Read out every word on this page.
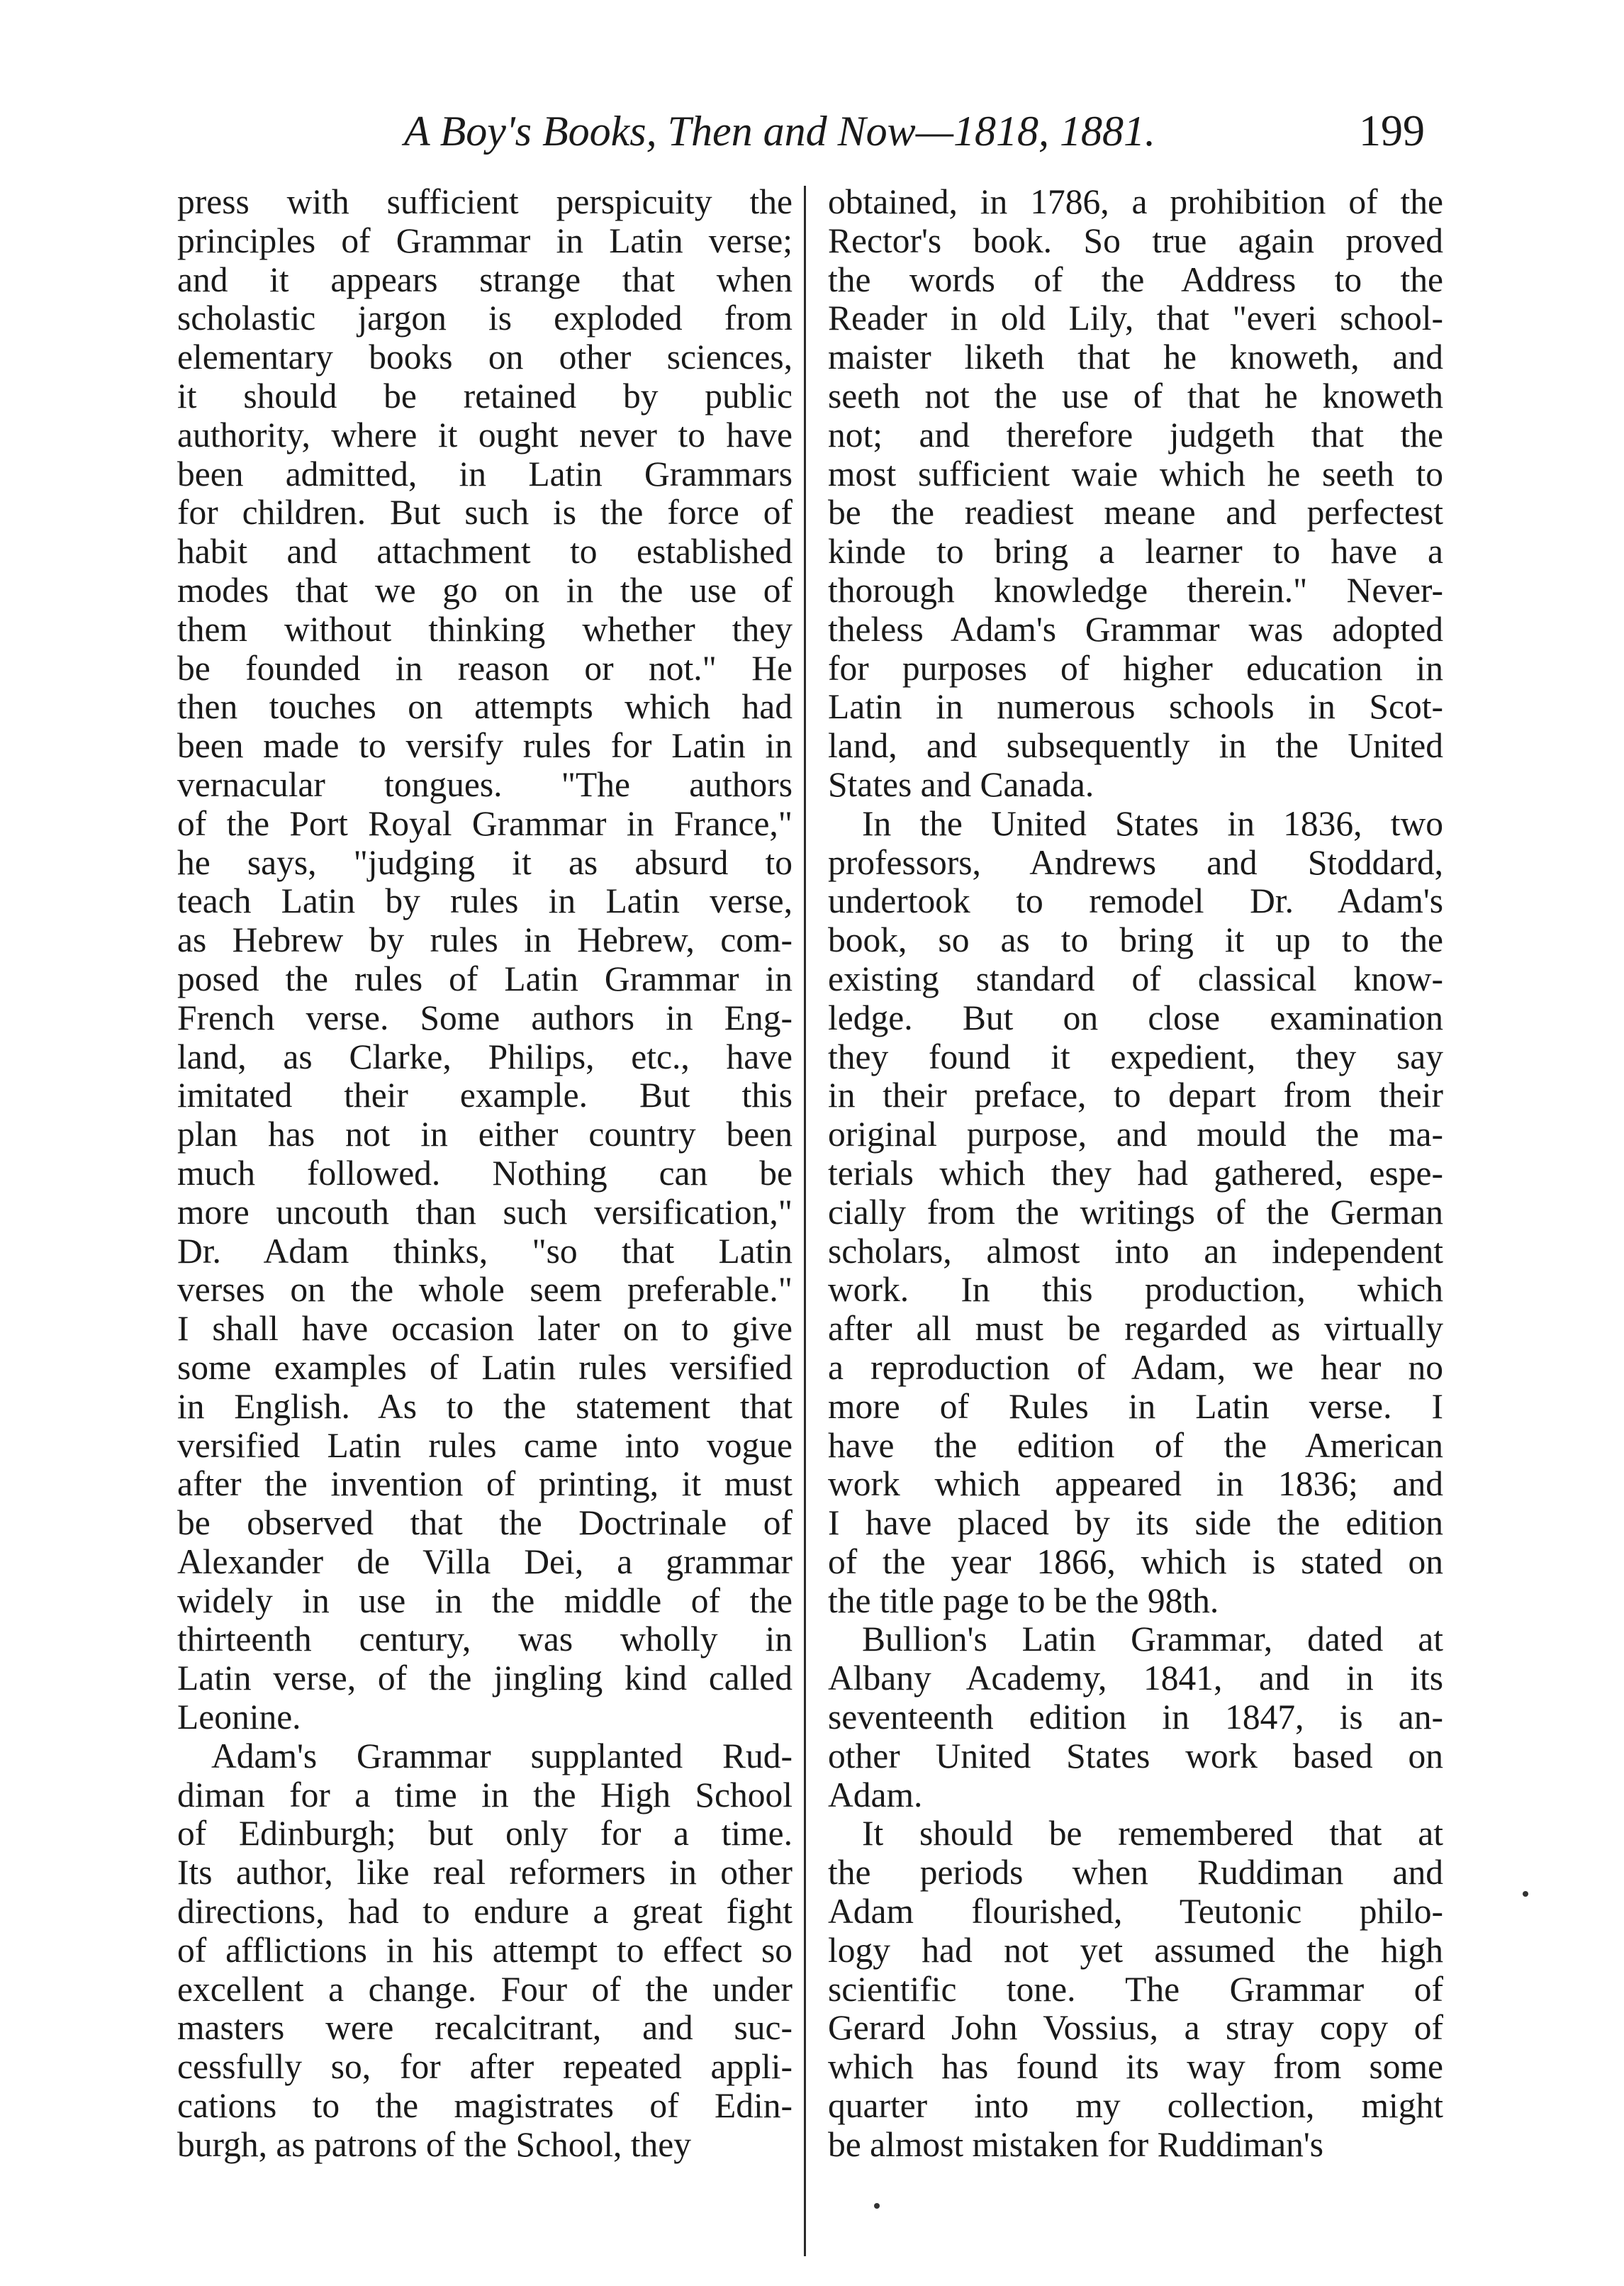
A Boy's Books, Then and Now—1818, 1881.	199
press with sufficient perspicuity the
principles of Grammar in Latin verse;
and it appears strange that when
scholastic jargon is exploded from
elementary books on other sciences,
it should be retained by public
authority, where it ought never to have
been admitted, in Latin Grammars
for children. But such is the force of
habit and attachment to established
modes that we go on in the use of
them without thinking whether they
be founded in reason or not." He
then touches on attempts which had
been made to versify rules for Latin in
vernacular tongues. "The authors
of the Port Royal Grammar in France,"
he says, "judging it as absurd to
teach Latin by rules in Latin verse,
as Hebrew by rules in Hebrew, com-
posed the rules of Latin Grammar in
French verse. Some authors in Eng-
land, as Clarke, Philips, etc., have
imitated their example. But this
plan has not in either country been
much followed. Nothing can be
more uncouth than such versification,"
Dr. Adam thinks, "so that Latin
verses on the whole seem preferable."
I shall have occasion later on to give
some examples of Latin rules versified
in English. As to the statement that
versified Latin rules came into vogue
after the invention of printing, it must
be observed that the Doctrinale of
Alexander de Villa Dei, a grammar
widely in use in the middle of the
thirteenth century, was wholly in
Latin verse, of the jingling kind called
Leonine.
Adam's Grammar supplanted Rud-
diman for a time in the High School
of Edinburgh; but only for a time.
Its author, like real reformers in other
directions, had to endure a great fight
of afflictions in his attempt to effect so
excellent a change. Four of the under
masters were recalcitrant, and suc-
cessfully so, for after repeated appli-
cations to the magistrates of Edin-
burgh, as patrons of the School, they
obtained, in 1786, a prohibition of the
Rector's book. So true again proved
the words of the Address to the
Reader in old Lily, that "everi school-
maister liketh that he knoweth, and
seeth not the use of that he knoweth
not; and therefore judgeth that the
most sufficient waie which he seeth to
be the readiest meane and perfectest
kinde to bring a learner to have a
thorough knowledge therein." Never-
theless Adam's Grammar was adopted
for purposes of higher education in
Latin in numerous schools in Scot-
land, and subsequently in the United
States and Canada.
In the United States in 1836, two
professors, Andrews and Stoddard,
undertook to remodel Dr. Adam's
book, so as to bring it up to the
existing standard of classical know-
ledge. But on close examination
they found it expedient, they say
in their preface, to depart from their
original purpose, and mould the ma-
terials which they had gathered, espe-
cially from the writings of the German
scholars, almost into an independent
work. In this production, which
after all must be regarded as virtually
a reproduction of Adam, we hear no
more of Rules in Latin verse. I
have the edition of the American
work which appeared in 1836; and
I have placed by its side the edition
of the year 1866, which is stated on
the title page to be the 98th.
Bullion's Latin Grammar, dated at
Albany Academy, 1841, and in its
seventeenth edition in 1847, is an-
other United States work based on
Adam.
It should be remembered that at
the periods when Ruddiman and
Adam flourished, Teutonic philo-
logy had not yet assumed the high
scientific tone. The Grammar of
Gerard John Vossius, a stray copy of
which has found its way from some
quarter into my collection, might
be almost mistaken for Ruddiman's
